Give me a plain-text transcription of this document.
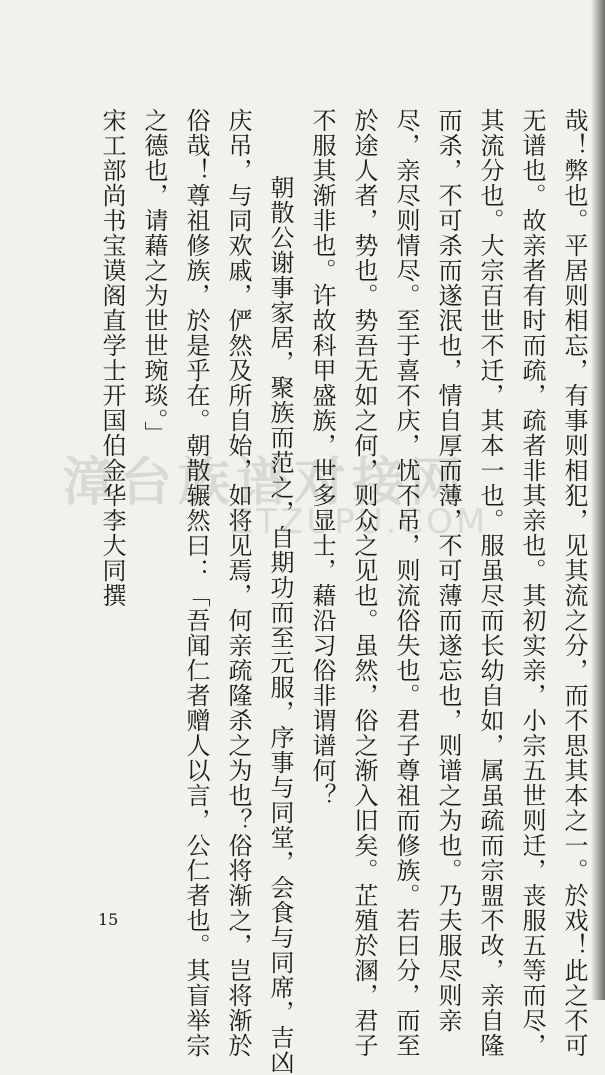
漳台族谱对接网
ZTZUPU.COM	哉！弊也。平居则相忘，有事则相犯，见其流之分，而不思其本之一。於戏！此之不可
无谱也。故亲者有时而疏，疏者非其亲也。其初实亲，小宗五世则迁，丧服五等而尽，
其流分也。大宗百世不迁，其本一也。服虽尽而长幼自如，属虽疏而宗盟不改，亲自隆
而杀，不可杀而遂泯也，情自厚而薄，不可薄而遂忘也，则谱之为也。乃夫服尽则亲
尽，亲尽则情尽。至于喜不庆，忧不吊，则流俗失也。君子尊祖而修族。若曰分，而至
於途人者，势也。势吾无如之何，则众之见也。虽然，俗之渐入旧矣。芷殖於溷，君子
不服其渐非也。许故科甲盛族，世多显士，藉沿习俗非谓谱何？
　朝散公谢事家居，聚族而范之，自期功而至元服，序事与同堂，会食与同席，吉凶
庆吊，与同欢戚，俨然及所自始，如将见焉，何亲疏隆杀之为也？俗将渐之，岂将渐於
俗哉！尊祖修族，於是乎在。朝散辗然曰：「吾闻仁者赠人以言，公仁者也。其盲举宗
之德也，请藉之为世世琬琰。」
宋工部尚书宝谟阁直学士开国伯金华李大同撰
15
